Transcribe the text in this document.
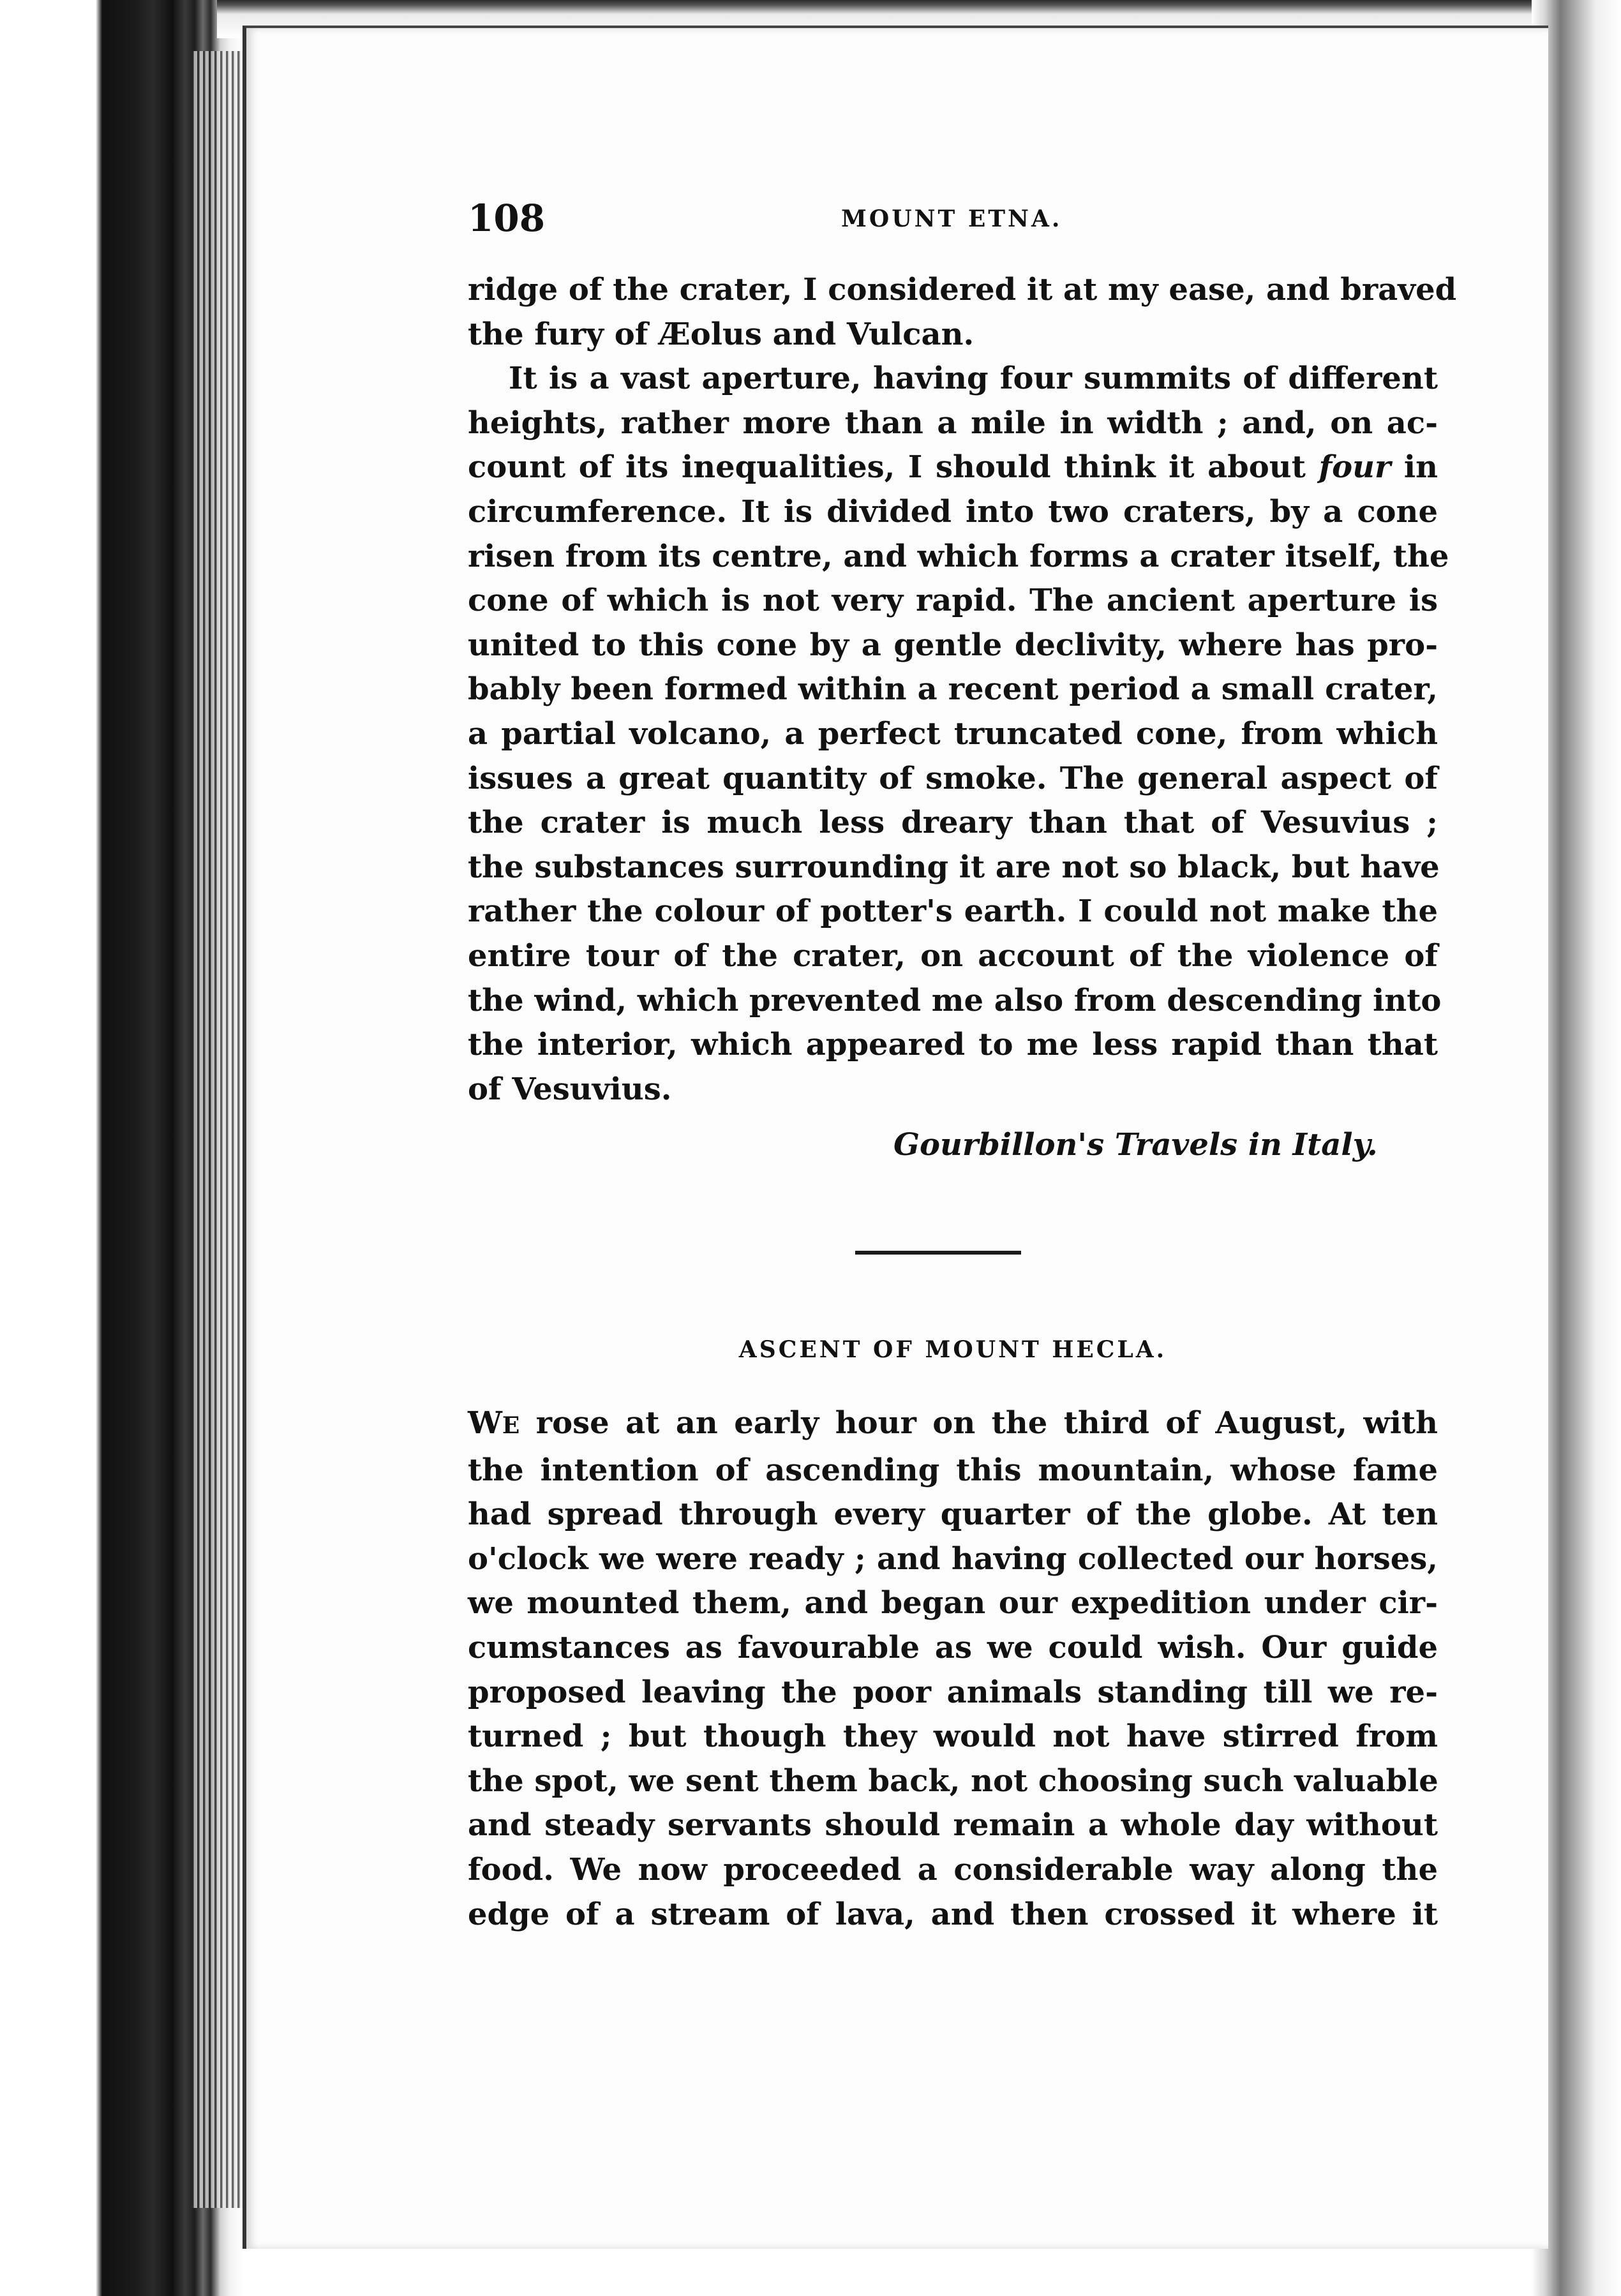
108	MOUNT ETNA.
ridge of the crater, I considered it at my ease, and braved
the fury of Æolus and Vulcan.
It is a vast aperture, having four summits of different
heights, rather more than a mile in width ; and, on ac-
count of its inequalities, I should think it about four in
circumference. It is divided into two craters, by a cone
risen from its centre, and which forms a crater itself, the
cone of which is not very rapid. The ancient aperture is
united to this cone by a gentle declivity, where has pro-
bably been formed within a recent period a small crater,
a partial volcano, a perfect truncated cone, from which
issues a great quantity of smoke. The general aspect of
the crater is much less dreary than that of Vesuvius ;
the substances surrounding it are not so black, but have
rather the colour of potter's earth. I could not make the
entire tour of the crater, on account of the violence of
the wind, which prevented me also from descending into
the interior, which appeared to me less rapid than that
of Vesuvius.
Gourbillon's Travels in Italy.
ASCENT OF MOUNT HECLA.
WE rose at an early hour on the third of August, with
the intention of ascending this mountain, whose fame
had spread through every quarter of the globe. At ten
o'clock we were ready ; and having collected our horses,
we mounted them, and began our expedition under cir-
cumstances as favourable as we could wish. Our guide
proposed leaving the poor animals standing till we re-
turned ; but though they would not have stirred from
the spot, we sent them back, not choosing such valuable
and steady servants should remain a whole day without
food. We now proceeded a considerable way along the
edge of a stream of lava, and then crossed it where it
